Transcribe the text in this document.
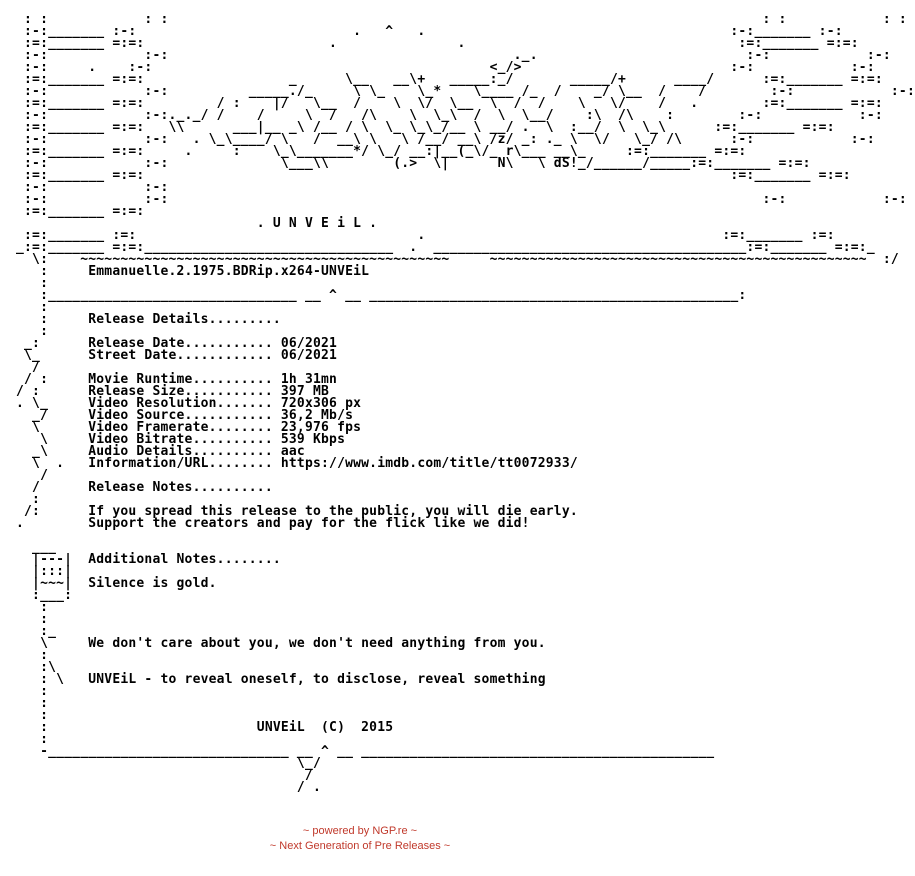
: :            : :                                                                          : :            : :
:-:_______ :-:                           .   ^   .                                      :-:_______ :-:
:=:_______ =:=:                       .               .                                  :=:_______ =:=:
:-:            :-:                                           ._.                          :-:            :-:
:-:     .    :-:                                          <_/>                          :-:            :-:
:=:_______ =:=:                  _      \__   __\+   _____:_/       _____/+      ____/      :=:_______ =:=:
:-:            :-:          _____./_     \ \_    \_*    \____ /_  /    _/ \__  /    /        :-:            :-:
:=:_______ =:=:         / :    |/   \__  /    \  \/  \__  \  /  /    \   \/    /   .        :=:_______ =:=:
:-:            :-:._._/ /    /     \  /   /\    \  \_\  /  \  \__/    :\  /\    :        :-:            :-:
:=:_______ =:=:   \\      ___|__ _\ /__ / \  \_ \_\_/__ \ __/ .  \  :__/  \  \_\      :=:_______ =:=:
:-:            :-:   . \_\____/ \   /  __\ \   \ /__/ __\ /z/ _: ._ \  \/   \_/ /\      :-:            :-:
:=:_______ =:=:     .     :    \_\_______*/ \_/ __:|__(_\/_ r\___ __\_     :=:_______ =:=:
:-:            :-:              \___\\        (.>  \|      N\   \ dS!_/______/_____:=:_______ =:=:
:=:_______ =:=:                                                                         :=:_______ =:=:
:-:            :-:
:-:            :-:                                                                          :-:            :-:
:=:_______ =:=:
. U N V E i L .
:=:_______ :=:                                   .                                     :=:_______ :=:
_:=:_______ =:=:_______________________________  .  _______________________________________:=:_______ =:=:_
\:    ~~~~~~~~~~~~~~~~~~~~~~~~~~~~~~~~~~~~~~~~~~~~~~     ~~~~~~~~~~~~~~~~~~~~~~~~~~~~~~~~~~~~~~~~~~~~~~~  :/
:     Emmanuelle.2.1975.BDRip.x264-UNVEiL
:
:_______________________________ __ ^ __ ______________________________________________:
:
:     Release Details.........
:
_:      Release Date........... 06/2021
\_      Street Date............ 06/2021
/
/ :     Movie Runtime.......... 1h 31mn
/ :      Release Size........... 397 MB
. \_     Video Resolution....... 720x306 px
_/     Video Source........... 36,2 Mb/s
\      Video Framerate........ 23,976 fps
\     Video Bitrate.......... 539 Kbps
_\     Audio Details.......... aac
\  .   Information/URL........ https://www.imdb.com/title/tt0072933/
/
/      Release Notes..........
:
/:      If you spread this release to the public, you will die early.
.        Support the creators and pay for the flick like we did!

___
|---|  Additional Notes........
|:::|
|~~~|  Silence is gold.
:___:
:
:
:_
\     We don't care about you, we don't need anything from you.
:
:\
: \   UNVEiL - to reveal oneself, to disclose, reveal something
:
:
:
:                          UNVEiL  (C)  2015
:
-______________________________ __ ^ __ ____________________________________________
\_/
/
/ .
~ powered by NGP.re ~
~ Next Generation of Pre Releases ~
